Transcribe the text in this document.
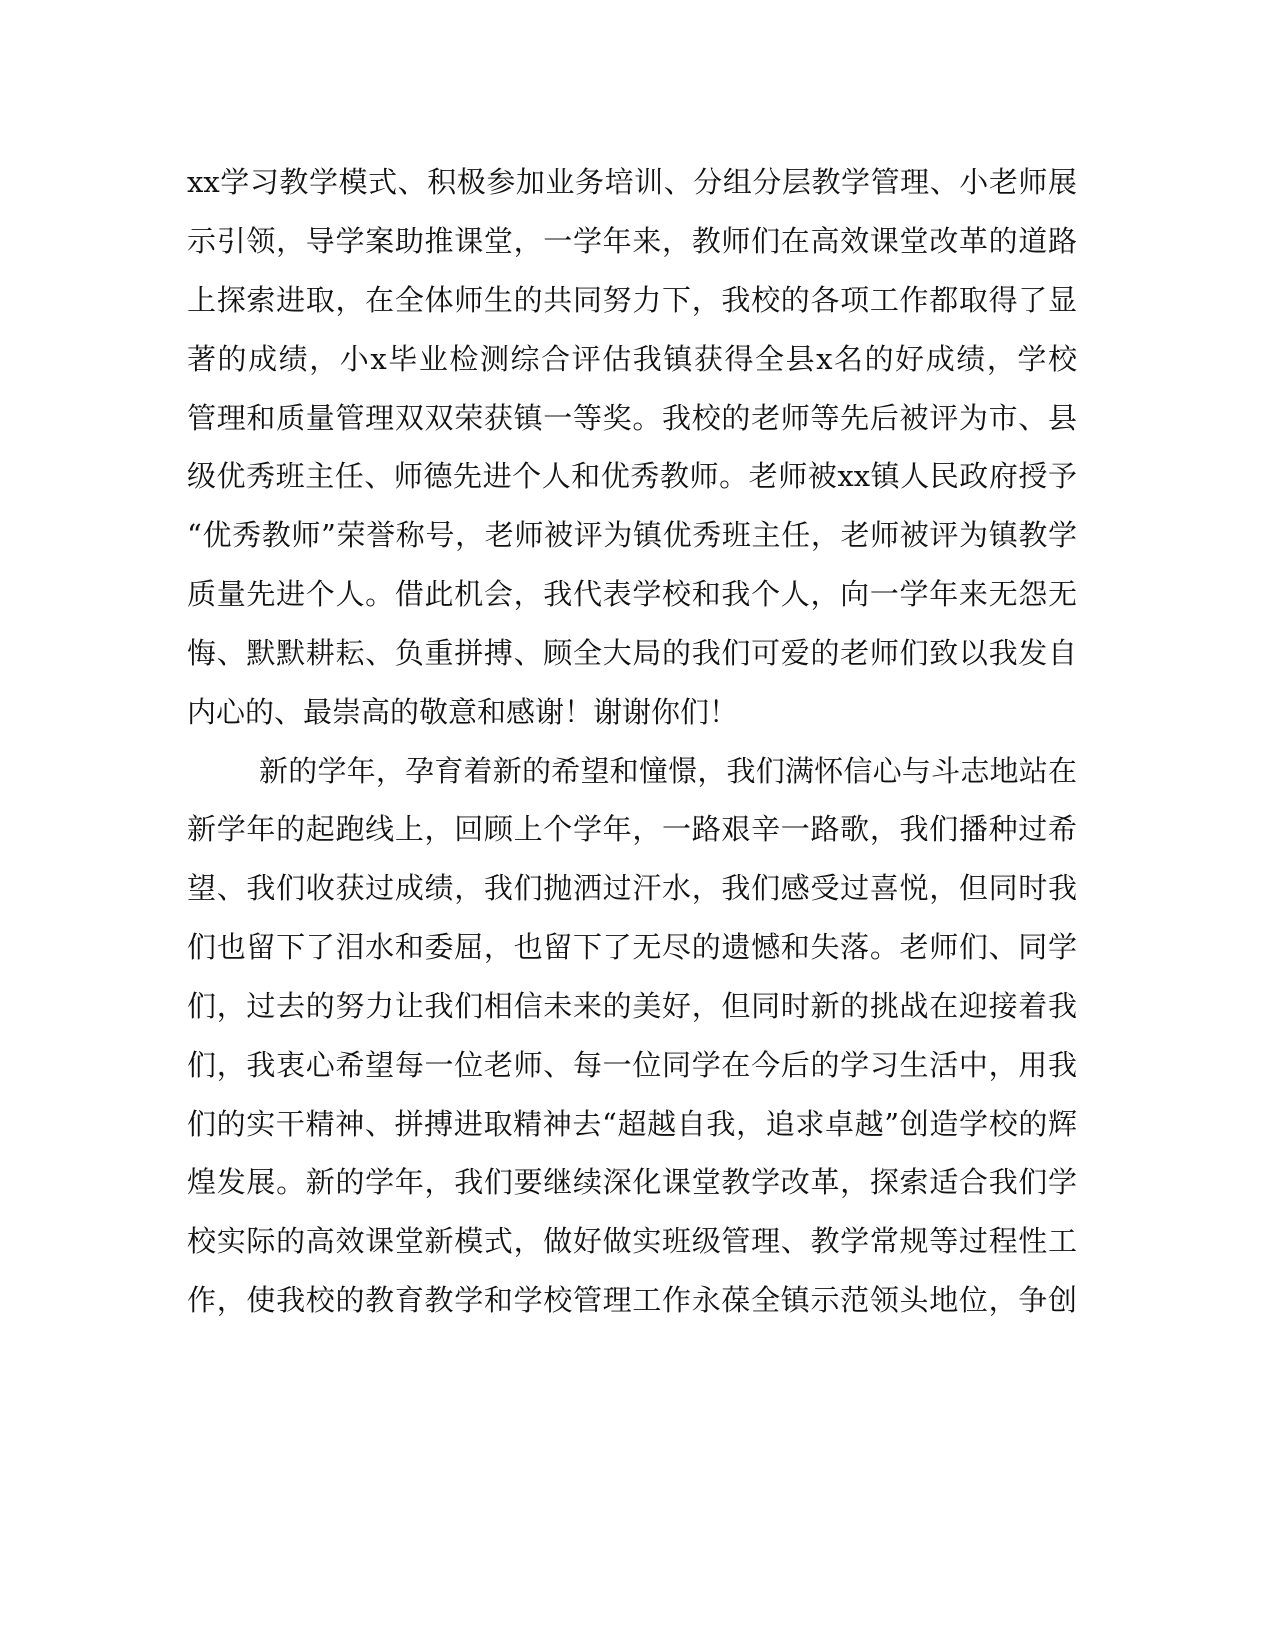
xx学习教学模式、积极参加业务培训、分组分层教学管理、小老师展
示引领，导学案助推课堂，一学年来，教师们在高效课堂改革的道路
上探索进取，在全体师生的共同努力下，我校的各项工作都取得了显
著的成绩，小x毕业检测综合评估我镇获得全县x名的好成绩，学校
管理和质量管理双双荣获镇一等奖。我校的老师等先后被评为市、县
级优秀班主任、师德先进个人和优秀教师。老师被xx镇人民政府授予
“优秀教师”荣誉称号，老师被评为镇优秀班主任，老师被评为镇教学
质量先进个人。借此机会，我代表学校和我个人，向一学年来无怨无
悔、默默耕耘、负重拼搏、顾全大局的我们可爱的老师们致以我发自
内心的、最崇高的敬意和感谢！谢谢你们！
新的学年，孕育着新的希望和憧憬，我们满怀信心与斗志地站在
新学年的起跑线上，回顾上个学年，一路艰辛一路歌，我们播种过希
望、我们收获过成绩，我们抛洒过汗水，我们感受过喜悦，但同时我
们也留下了泪水和委屈，也留下了无尽的遗憾和失落。老师们、同学
们，过去的努力让我们相信未来的美好，但同时新的挑战在迎接着我
们，我衷心希望每一位老师、每一位同学在今后的学习生活中，用我
们的实干精神、拼搏进取精神去“超越自我，追求卓越”创造学校的辉
煌发展。新的学年，我们要继续深化课堂教学改革，探索适合我们学
校实际的高效课堂新模式，做好做实班级管理、教学常规等过程性工
作，使我校的教育教学和学校管理工作永葆全镇示范领头地位，争创
